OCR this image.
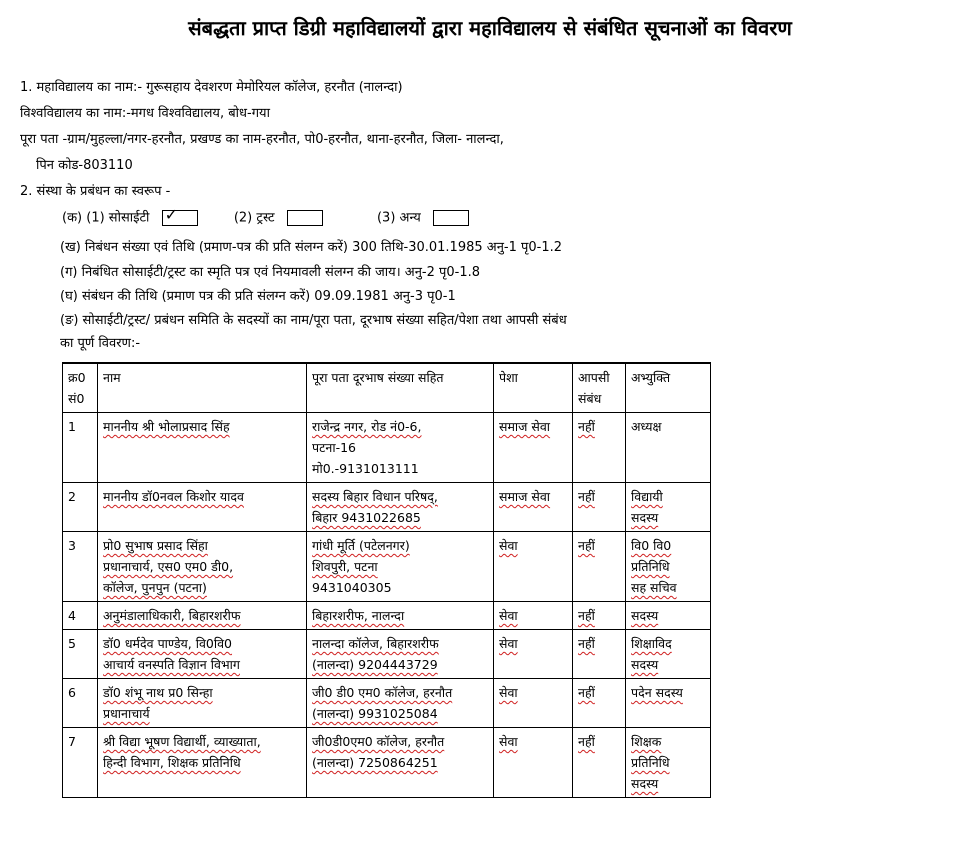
संबद्धता प्राप्त डिग्री महाविद्यालयों द्वारा महाविद्यालय से संबंधित सूचनाओं का विवरण
1. महाविद्यालय का नाम:- गुरूसहाय देवशरण मेमोरियल कॉलेज, हरनौत (नालन्दा)
विश्वविद्यालय का नाम:-मगध विश्वविद्यालय, बोध-गया
पूरा पता -ग्राम/मुहल्ला/नगर-हरनौत, प्रखण्ड का नाम-हरनौत, पो0-हरनौत, थाना-हरनौत, जिला- नालन्दा,
पिन कोड-803110
2. संस्था के प्रबंधन का स्वरूप -
(क) (1) सोसाईटी ✓	(2) ट्रस्ट	(3) अन्य
(ख) निबंधन संख्या एवं तिथि (प्रमाण-पत्र की प्रति संलग्न करें) 300 तिथि-30.01.1985 अनु-1 पृ0-1.2
(ग) निबंधित सोसाईटी/ट्रस्ट का स्मृति पत्र एवं नियमावली संलग्न की जाय। अनु-2 पृ0-1.8
(घ) संबंधन की तिथि (प्रमाण पत्र की प्रति संलग्न करें) 09.09.1981 अनु-3 पृ0-1
(ङ) सोसाईटी/ट्रस्ट/ प्रबंधन समिति के सदस्यों का नाम/पूरा पता, दूरभाष संख्या सहित/पेशा तथा आपसी संबंध
का पूर्ण विवरण:-
क्र0
सं0	नाम	पूरा पता दूरभाष संख्या सहित	पेशा	आपसी
संबंध	अभ्युक्ति
1	माननीय श्री भोलाप्रसाद सिंह	राजेन्द्र नगर, रोड नं0-6,
पटना-16
मो0.-9131013111	समाज सेवा	नहीं	अध्यक्ष
2	माननीय डॉ0नवल किशोर यादव	सदस्य बिहार विधान परिषद्,
बिहार 9431022685	समाज सेवा	नहीं	विद्यायी
सदस्य
3	प्रो0 सुभाष प्रसाद सिंहा
प्रधानाचार्य, एस0 एम0 डी0,
कॉलेज, पुनपुन (पटना)	गांधी मूर्ति (पटेलनगर)
शिवपुरी, पटना
9431040305	सेवा	नहीं	वि0 वि0
प्रतिनिधि
सह सचिव
4	अनुमंडालाधिकारी, बिहारशरीफ	बिहारशरीफ, नालन्दा	सेवा	नहीं	सदस्य
5	डॉ0 धर्मदेव पाण्डेय, वि0वि0
आचार्य वनस्पति विज्ञान विभाग	नालन्दा कॉलेज, बिहारशरीफ
(नालन्दा) 9204443729	सेवा	नहीं	शिक्षाविद
सदस्य
6	डॉ0 शंभू नाथ प्र0 सिन्हा
प्रधानाचार्य	जी0 डी0 एम0 कॉलेज, हरनौत
(नालन्दा) 9931025084	सेवा	नहीं	पदेन सदस्य
7	श्री विद्या भूषण विद्यार्थी, व्याख्याता,
हिन्दी विभाग, शिक्षक प्रतिनिधि	जी0डी0एम0 कॉलेज, हरनौत
(नालन्दा) 7250864251	सेवा	नहीं	शिक्षक
प्रतिनिधि
सदस्य
